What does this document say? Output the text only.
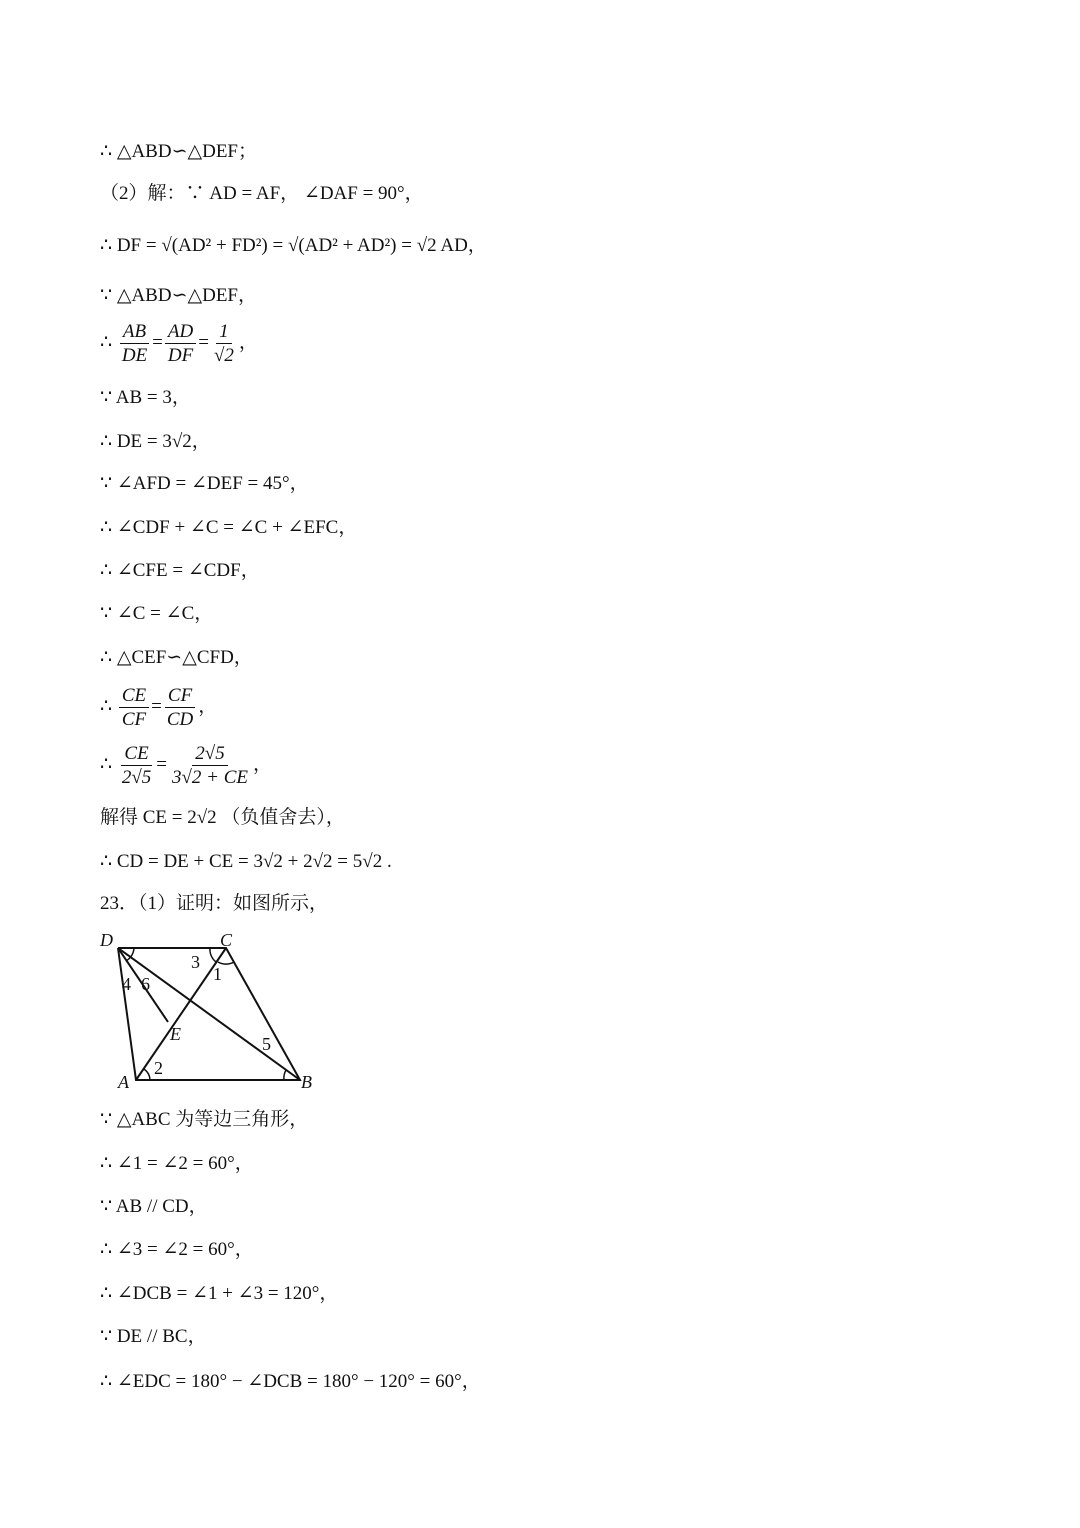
∴ △ABD∽△DEF；
（2）解：∵ AD = AF， ∠DAF = 90°，
∴ DF = √(AD² + FD²) = √(AD² + AD²) = √2 AD，
∵ △ABD∽△DEF，
∴ $\frac{AB}{DE} = \frac{AD}{DF} = \frac{1}{√2}$ ，
∵ AB = 3，
∴ DE = 3√2，
∵ ∠AFD = ∠DEF = 45°，
∴ ∠CDF + ∠C = ∠C + ∠EFC，
∴ ∠CFE = ∠CDF，
∵ ∠C = ∠C，
∴ △CEF∽△CFD，
∴ $\frac{CE}{CF} = \frac{CF}{CD}$ ，
∴ $\frac{CE}{2√5} = \frac{2√5}{3√2 + CE}$ ，
解得 CE = 2√2 （负值舍去），
∴ CD = DE + CE = 3√2 + 2√2 = 5√2 .
23．（1）证明：如图所示，
∵ △ABC 为等边三角形，
∴ ∠1 = ∠2 = 60°，
∵ AB // CD，
∴ ∠3 = ∠2 = 60°，
∴ ∠DCB = ∠1 + ∠3 = 120°，
∵ DE // BC，
∴ ∠EDC = 180° − ∠DCB = 180° − 120° = 60°，
D	C
A	B
E
1
2
3
4
5
6
